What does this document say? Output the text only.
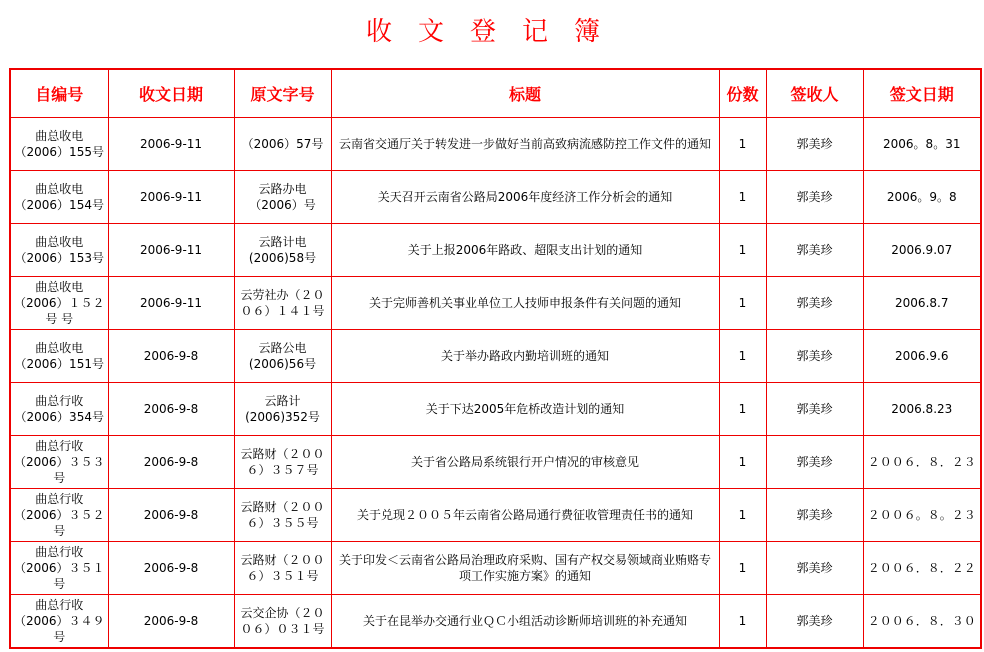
收文登记簿
自编号	收文日期	原文字号	标题	份数	签收人	签文日期
曲总收电（2006）155号	2006-9-11	（2006）57号	云南省交通厅关于转发进一步做好当前高致病流感防控工作文件的通知	1	郭美珍	2006。8。31
曲总收电（2006）154号	2006-9-11	云路办电（2006）号	关天召开云南省公路局2006年度经济工作分析会的通知	1	郭美珍	2006。9。8
曲总收电（2006）153号	2006-9-11	云路计电(2006)58号	关于上报2006年路政、超限支出计划的通知	1	郭美珍	2006.9.07
曲总收电（2006）１５２号 号	2006-9-11	云劳社办（２００６）１４１号	关于完师善机关事业单位工人技师申报条件有关问题的通知	1	郭美珍	2006.8.7
曲总收电（2006）151号	2006-9-8	云路公电(2006)56号	关于举办路政内勤培训班的通知	1	郭美珍	2006.9.6
曲总行收（2006）354号	2006-9-8	云路计(2006)352号	关于下达2005年危桥改造计划的通知	1	郭美珍	2006.8.23
曲总行收（2006）３５３号	2006-9-8	云路财（２００６）３５７号	关于省公路局系统银行开户情况的审核意见	1	郭美珍	２００６．８．２３
曲总行收（2006）３５２号	2006-9-8	云路财（２００６）３５５号	关于兑现２００５年云南省公路局通行费征收管理责任书的通知	1	郭美珍	２００６。８。２３
曲总行收（2006）３５１号	2006-9-8	云路财（２００６）３５１号	关于印发＜云南省公路局治理政府采购、国有产权交易领域商业贿赂专项工作实施方案》的通知	1	郭美珍	２００６．８．２２
曲总行收（2006）３４９号	2006-9-8	云交企协（２００６）０３１号	关于在昆举办交通行业ＱＣ小组活动诊断师培训班的补充通知	1	郭美珍	２００６．８．３０
